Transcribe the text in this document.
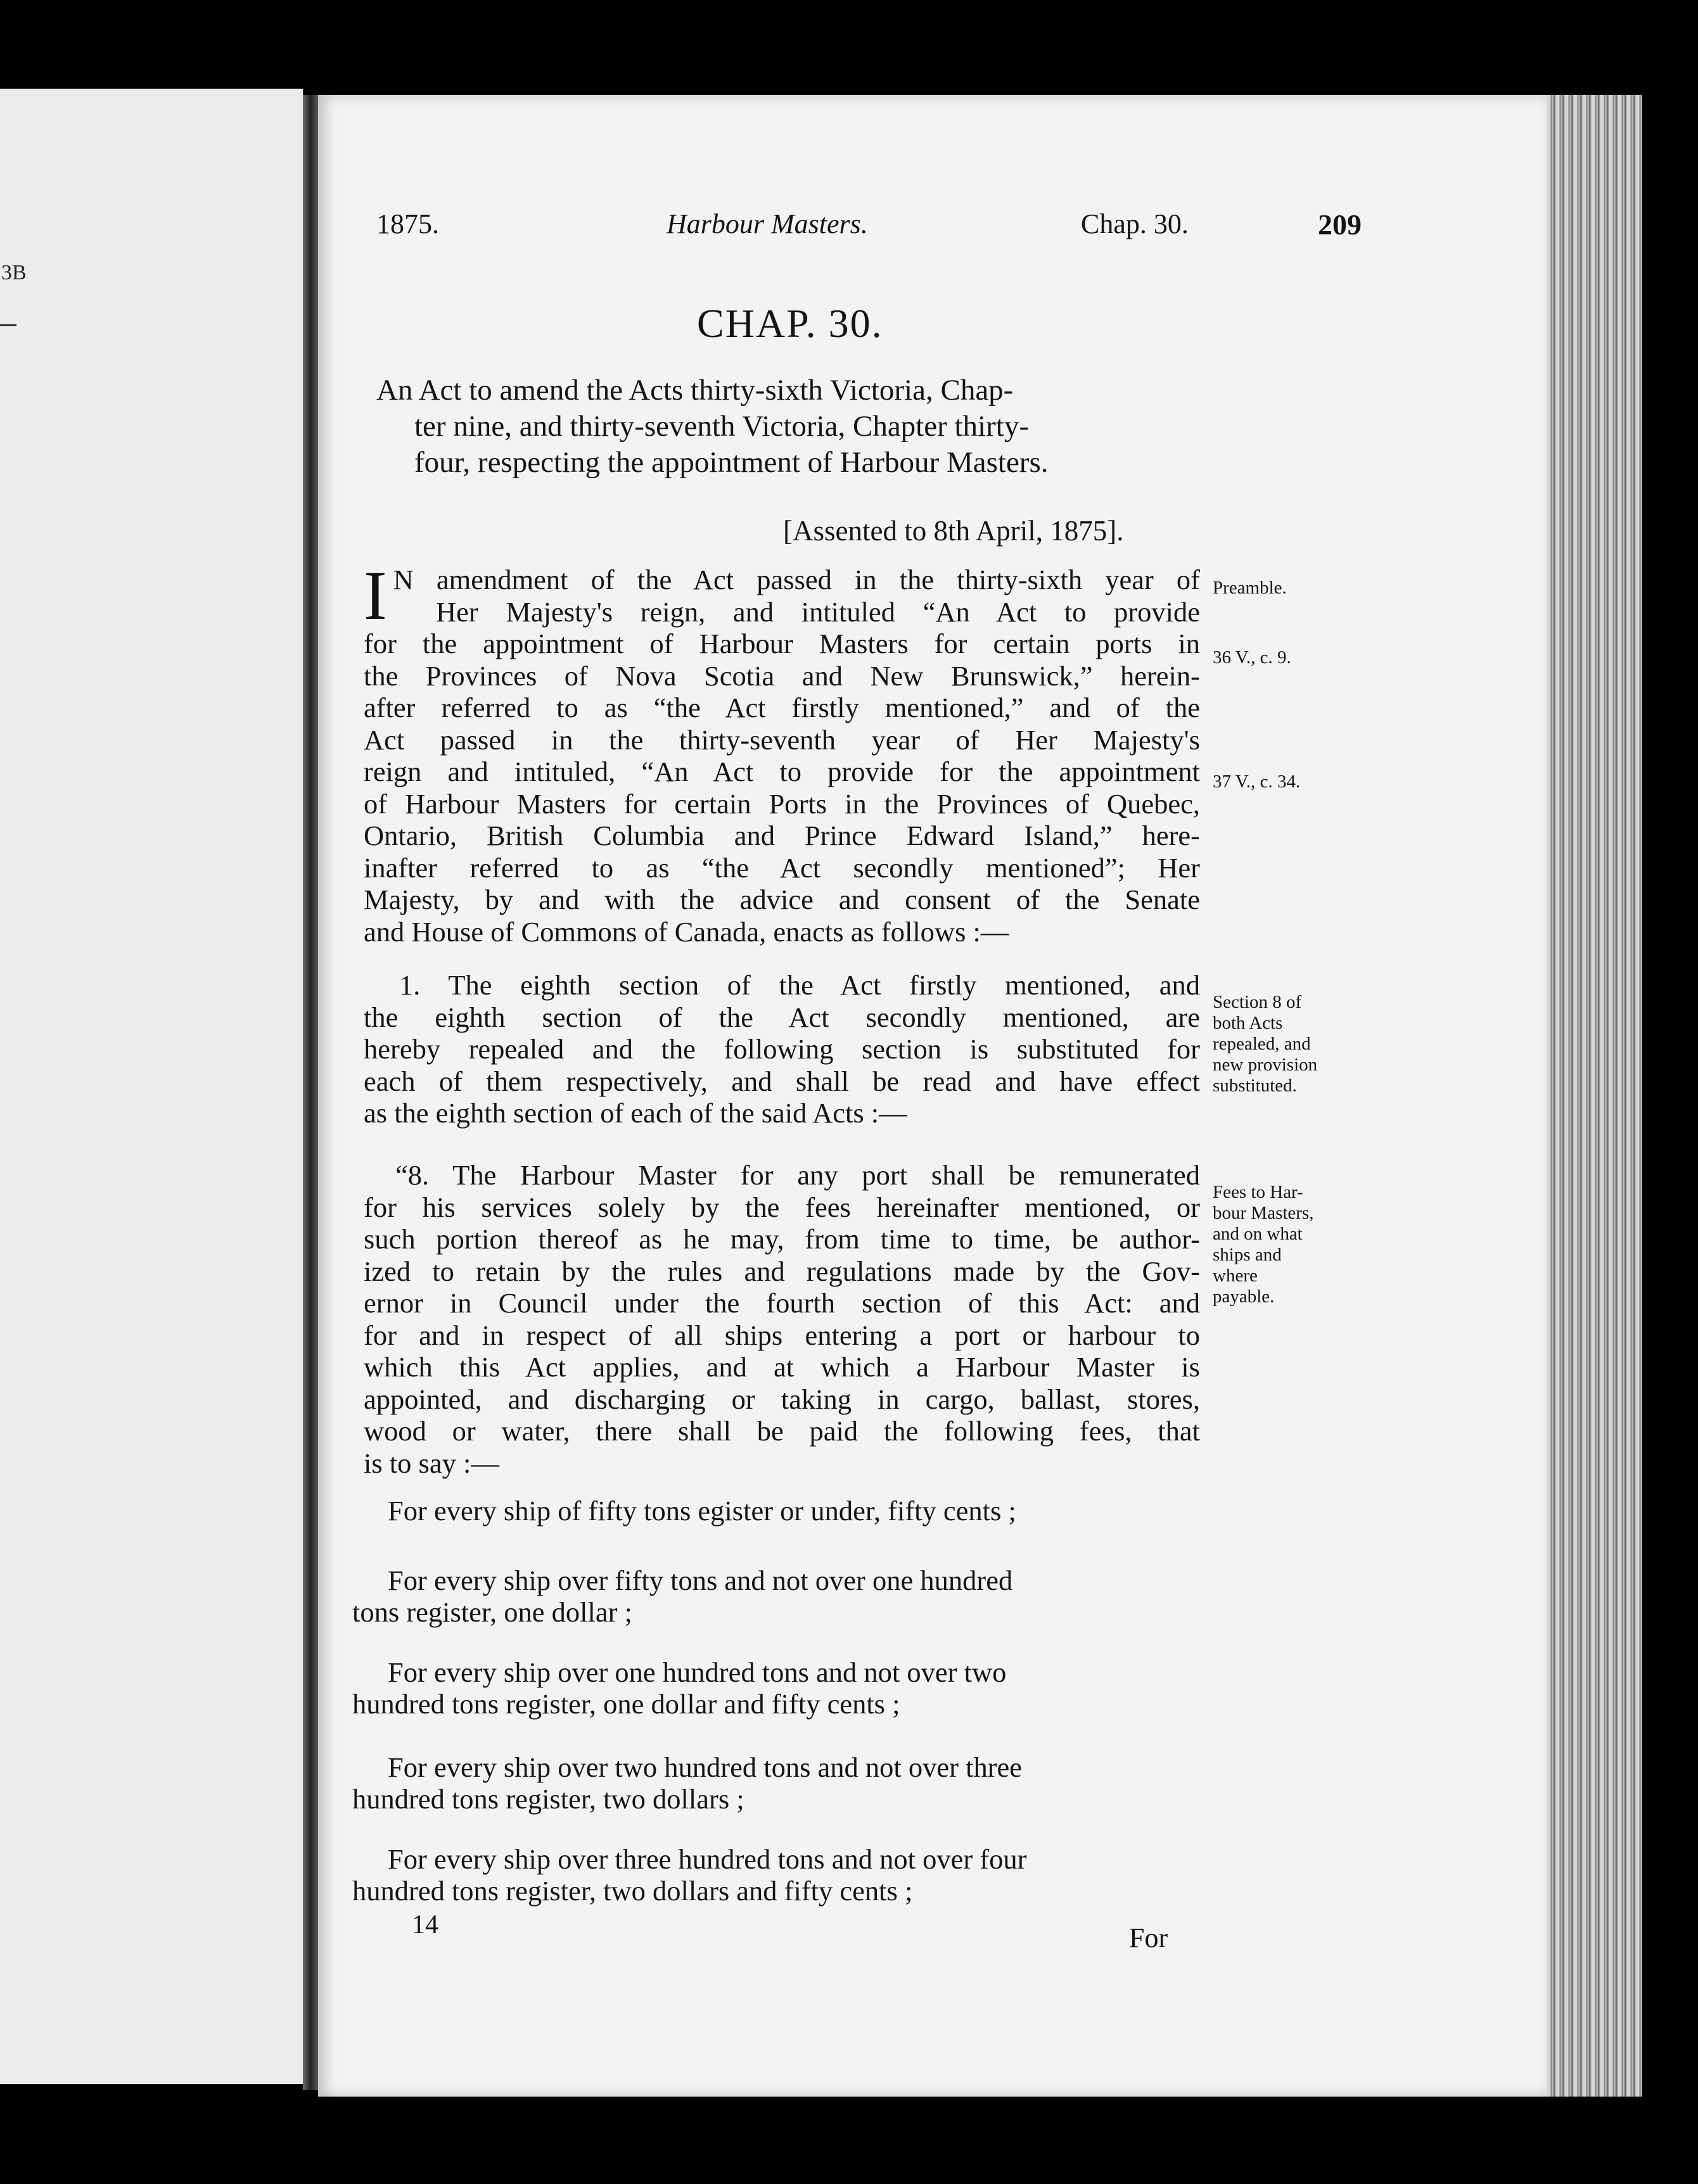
3B
1875.	Harbour Masters.	Chap. 30.	209
CHAP. 30.
An Act to amend the Acts thirty-sixth Victoria, Chap-
ter nine, and thirty-seventh Victoria, Chapter thirty-
four, respecting the appointment of Harbour Masters.
[Assented to 8th April, 1875].
I N amendment of the Act passed in the thirty-sixth year of
Her Majesty's reign, and intituled “An Act to provide
for the appointment of Harbour Masters for certain ports in
the Provinces of Nova Scotia and New Brunswick,” herein-
after referred to as “the Act firstly mentioned,” and of the
Act passed in the thirty-seventh year of Her Majesty's
reign and intituled, “An Act to provide for the appointment
of Harbour Masters for certain Ports in the Provinces of Quebec,
Ontario, British Columbia and Prince Edward Island,” here-
inafter referred to as “the Act secondly mentioned”; Her
Majesty, by and with the advice and consent of the Senate
and House of Commons of Canada, enacts as follows :—
1. The eighth section of the Act firstly mentioned, and
the eighth section of the Act secondly mentioned, are
hereby repealed and the following section is substituted for
each of them respectively, and shall be read and have effect
as the eighth section of each of the said Acts :—
“8. The Harbour Master for any port shall be remunerated
for his services solely by the fees hereinafter mentioned, or
such portion thereof as he may, from time to time, be author-
ized to retain by the rules and regulations made by the Gov-
ernor in Council under the fourth section of this Act: and
for and in respect of all ships entering a port or harbour to
which this Act applies, and at which a Harbour Master is
appointed, and discharging or taking in cargo, ballast, stores,
wood or water, there shall be paid the following fees, that
is to say :—
For every ship of fifty tons egister or under, fifty cents ;
For every ship over fifty tons and not over one hundred
tons register, one dollar ;
For every ship over one hundred tons and not over two
hundred tons register, one dollar and fifty cents ;
For every ship over two hundred tons and not over three
hundred tons register, two dollars ;
For every ship over three hundred tons and not over four
hundred tons register, two dollars and fifty cents ;
14	For
Preamble.
36 V., c. 9.
37 V., c. 34.
Section 8 of
both Acts
repealed, and
new provision
substituted.
Fees to Har-
bour Masters,
and on what
ships and
where
payable.
